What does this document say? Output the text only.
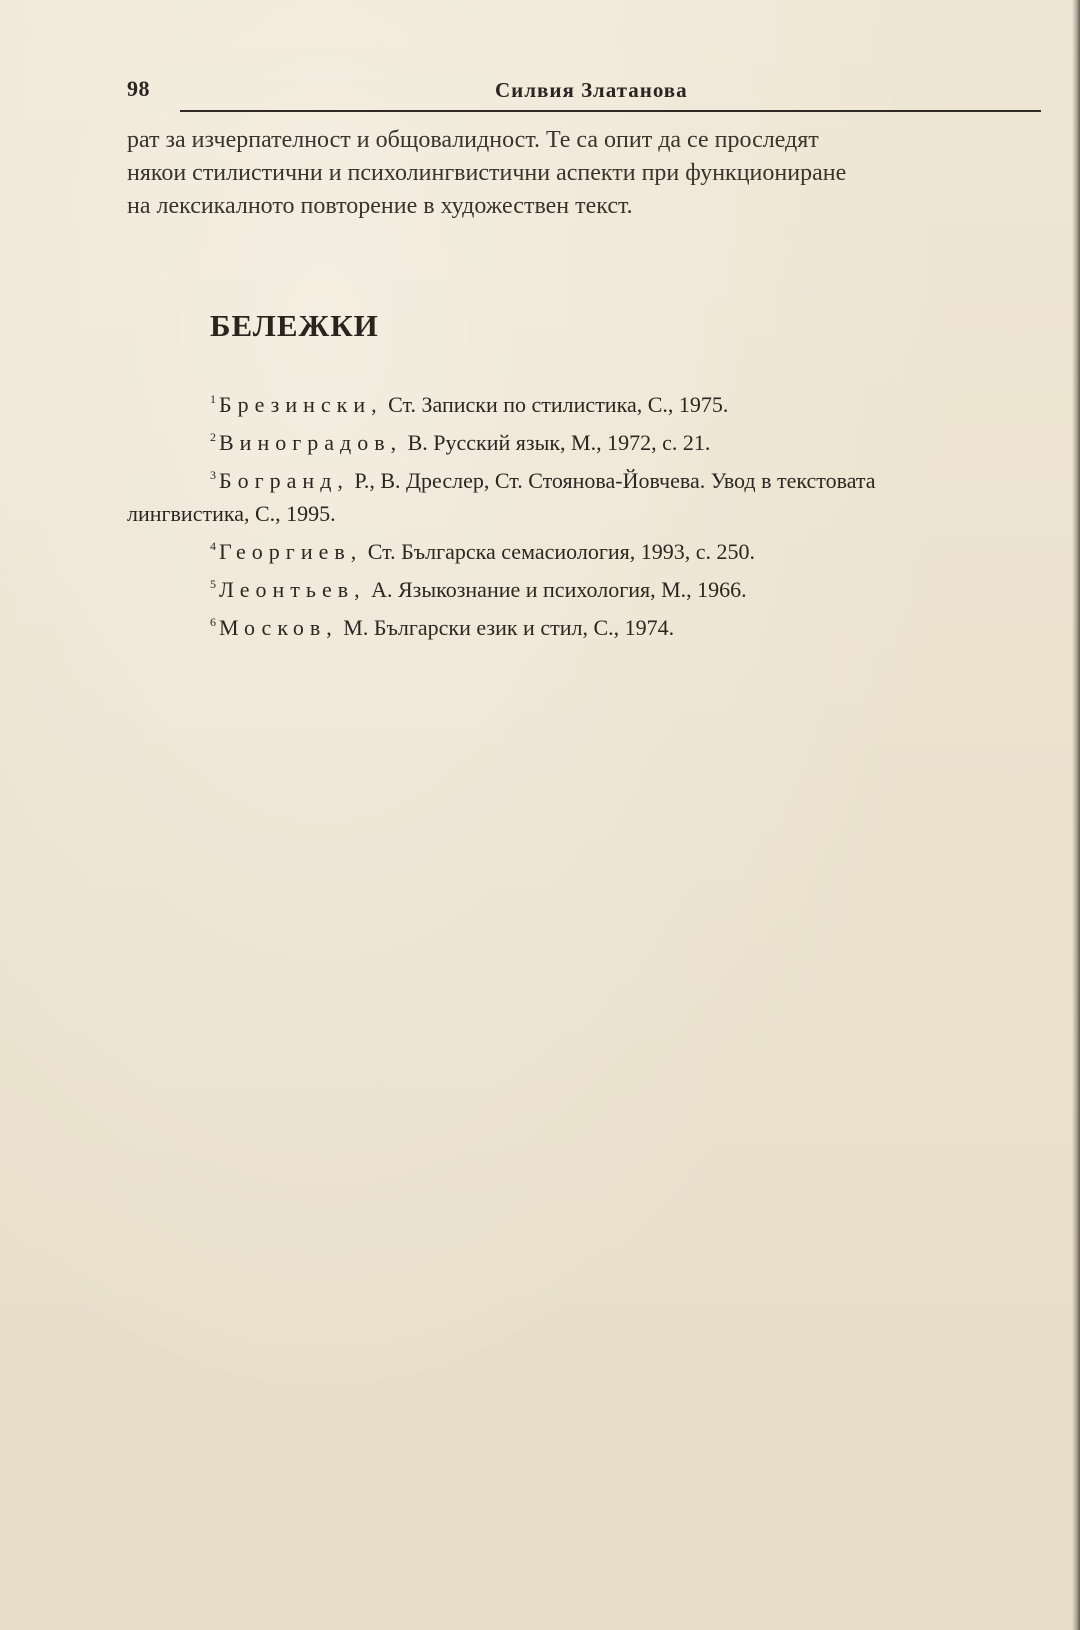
98	Силвия Златанова
рат за изчерпателност и общовалидност. Те са опит да се проследят
някои стилистични и психолингвистични аспекти при функциониране
на лексикалното повторение в художествен текст.
БЕЛЕЖКИ
$^1$ Брезински, Ст. Записки по стилистика, С., 1975.
$^2$ Виноградов, В. Русский язык, М., 1972, с. 21.
$^3$ Богранд, Р., В. Дреслер, Ст. Стоянова-Йовчева. Увод в текстовата
лингвистика, С., 1995.
$^4$ Георгиев, Ст. Българска семасиология, 1993, с. 250.
$^5$ Леонтьев, А. Языкознание и психология, М., 1966.
$^6$ Москов, М. Български език и стил, С., 1974.
